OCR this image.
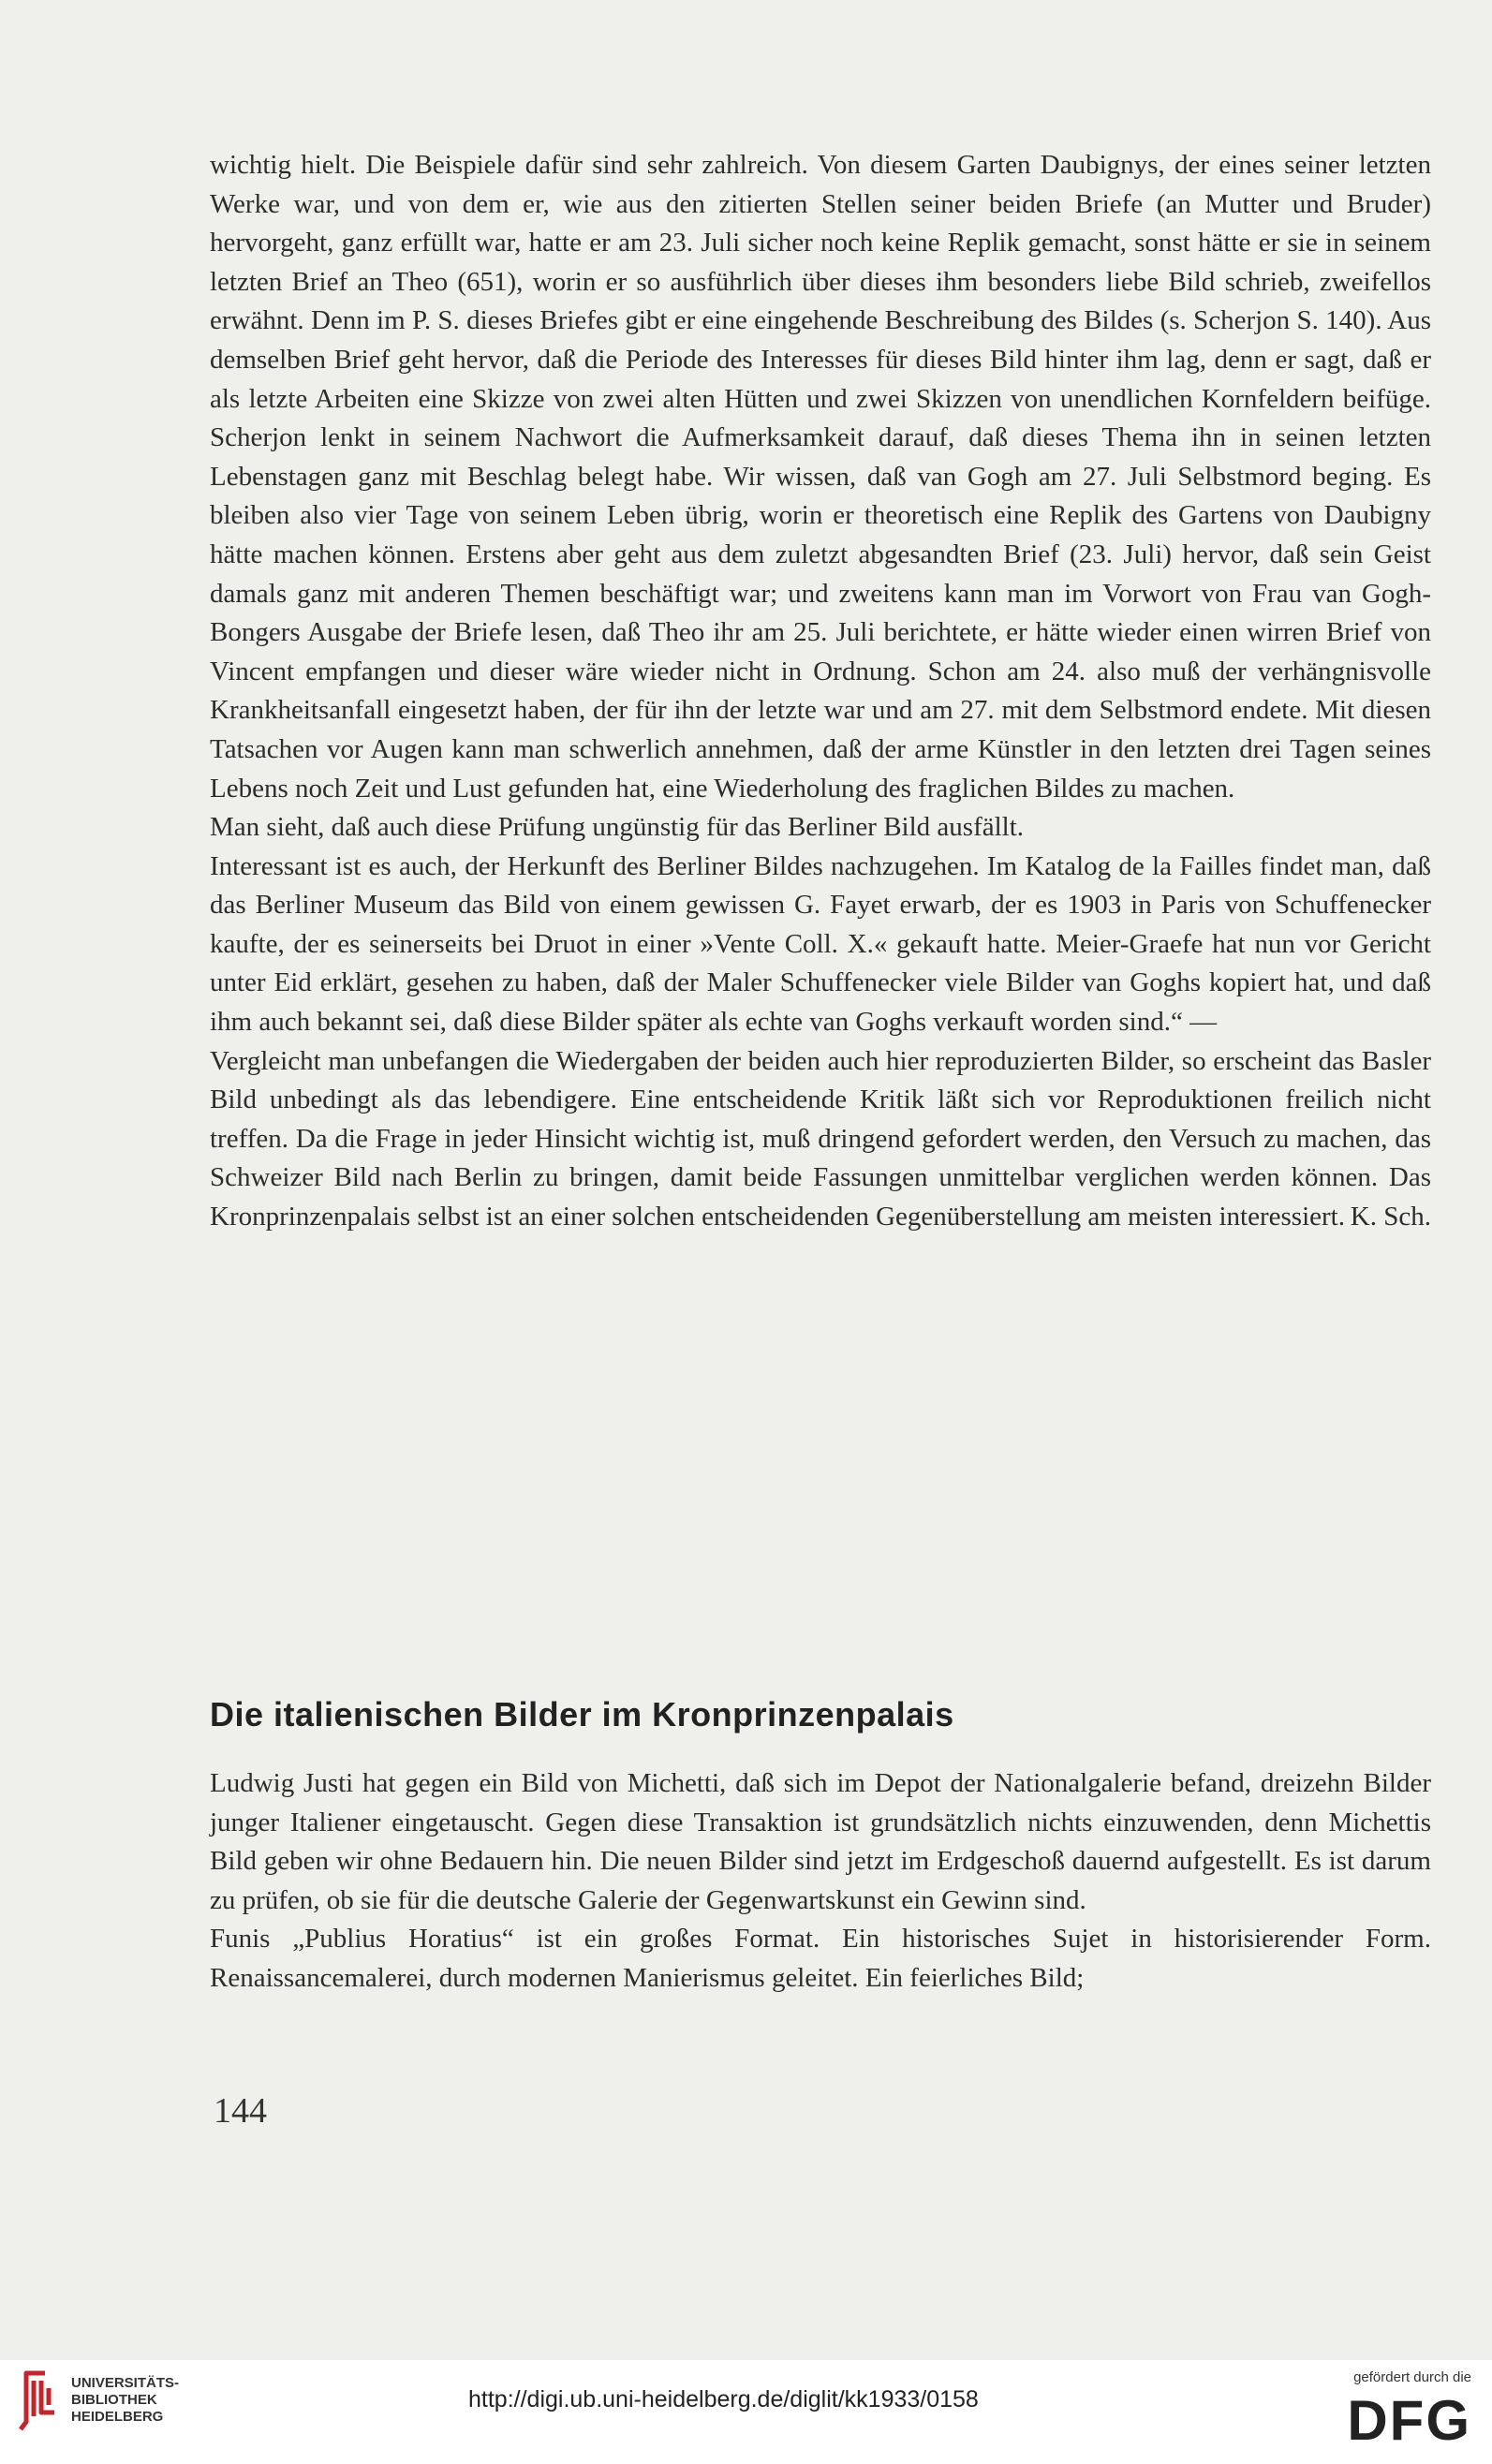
wichtig hielt. Die Beispiele dafür sind sehr zahlreich. Von diesem Garten Daubignys, der eines seiner letzten Werke war, und von dem er, wie aus den zitierten Stellen seiner beiden Briefe (an Mutter und Bruder) hervorgeht, ganz erfüllt war, hatte er am 23. Juli sicher noch keine Replik gemacht, sonst hätte er sie in seinem letzten Brief an Theo (651), worin er so ausführlich über dieses ihm besonders liebe Bild schrieb, zweifellos erwähnt. Denn im P. S. dieses Briefes gibt er eine eingehende Beschreibung des Bildes (s. Scherjon S. 140). Aus demselben Brief geht hervor, daß die Periode des Interesses für dieses Bild hinter ihm lag, denn er sagt, daß er als letzte Arbeiten eine Skizze von zwei alten Hütten und zwei Skizzen von unendlichen Kornfeldern beifüge. Scherjon lenkt in seinem Nachwort die Aufmerksamkeit darauf, daß dieses Thema ihn in seinen letzten Lebenstagen ganz mit Beschlag belegt habe. Wir wissen, daß van Gogh am 27. Juli Selbstmord beging. Es bleiben also vier Tage von seinem Leben übrig, worin er theoretisch eine Replik des Gartens von Daubigny hätte machen können. Erstens aber geht aus dem zuletzt abgesandten Brief (23. Juli) hervor, daß sein Geist damals ganz mit anderen Themen beschäftigt war; und zweitens kann man im Vorwort von Frau van Gogh-Bongers Ausgabe der Briefe lesen, daß Theo ihr am 25. Juli berichtete, er hätte wieder einen wirren Brief von Vincent empfangen und dieser wäre wieder nicht in Ordnung. Schon am 24. also muß der verhängnisvolle Krankheitsanfall eingesetzt haben, der für ihn der letzte war und am 27. mit dem Selbstmord endete. Mit diesen Tatsachen vor Augen kann man schwerlich annehmen, daß der arme Künstler in den letzten drei Tagen seines Lebens noch Zeit und Lust gefunden hat, eine Wiederholung des fraglichen Bildes zu machen.

Man sieht, daß auch diese Prüfung ungünstig für das Berliner Bild ausfällt.

Interessant ist es auch, der Herkunft des Berliner Bildes nachzugehen. Im Katalog de la Failles findet man, daß das Berliner Museum das Bild von einem gewissen G. Fayet erwarb, der es 1903 in Paris von Schuffenecker kaufte, der es seinerseits bei Druot in einer »Vente Coll. X.« gekauft hatte. Meier-Graefe hat nun vor Gericht unter Eid erklärt, gesehen zu haben, daß der Maler Schuffenecker viele Bilder van Goghs kopiert hat, und daß ihm auch bekannt sei, daß diese Bilder später als echte van Goghs verkauft worden sind.“ —

Vergleicht man unbefangen die Wiedergaben der beiden auch hier reproduzierten Bilder, so erscheint das Basler Bild unbedingt als das lebendigere. Eine entscheidende Kritik läßt sich vor Reproduktionen freilich nicht treffen. Da die Frage in jeder Hinsicht wichtig ist, muß dringend gefordert werden, den Versuch zu machen, das Schweizer Bild nach Berlin zu bringen, damit beide Fassungen unmittelbar verglichen werden können. Das Kronprinzenpalais selbst ist an einer solchen entscheidenden Gegenüberstellung am meisten interessiert. K. Sch.

Die italienischen Bilder im Kronprinzenpalais

Ludwig Justi hat gegen ein Bild von Michetti, daß sich im Depot der Nationalgalerie befand, dreizehn Bilder junger Italiener eingetauscht. Gegen diese Transaktion ist grundsätzlich nichts einzuwenden, denn Michettis Bild geben wir ohne Bedauern hin. Die neuen Bilder sind jetzt im Erdgeschoß dauernd aufgestellt. Es ist darum zu prüfen, ob sie für die deutsche Galerie der Gegenwartskunst ein Gewinn sind.

Funis „Publius Horatius“ ist ein großes Format. Ein historisches Sujet in historisierender Form. Renaissancemalerei, durch modernen Manierismus geleitet. Ein feierliches Bild;

144
UNIVERSITÄTS-
BIBLIOTHEK
HEIDELBERG
http://digi.ub.uni-heidelberg.de/diglit/kk1933/0158
gefördert durch die
DFG
